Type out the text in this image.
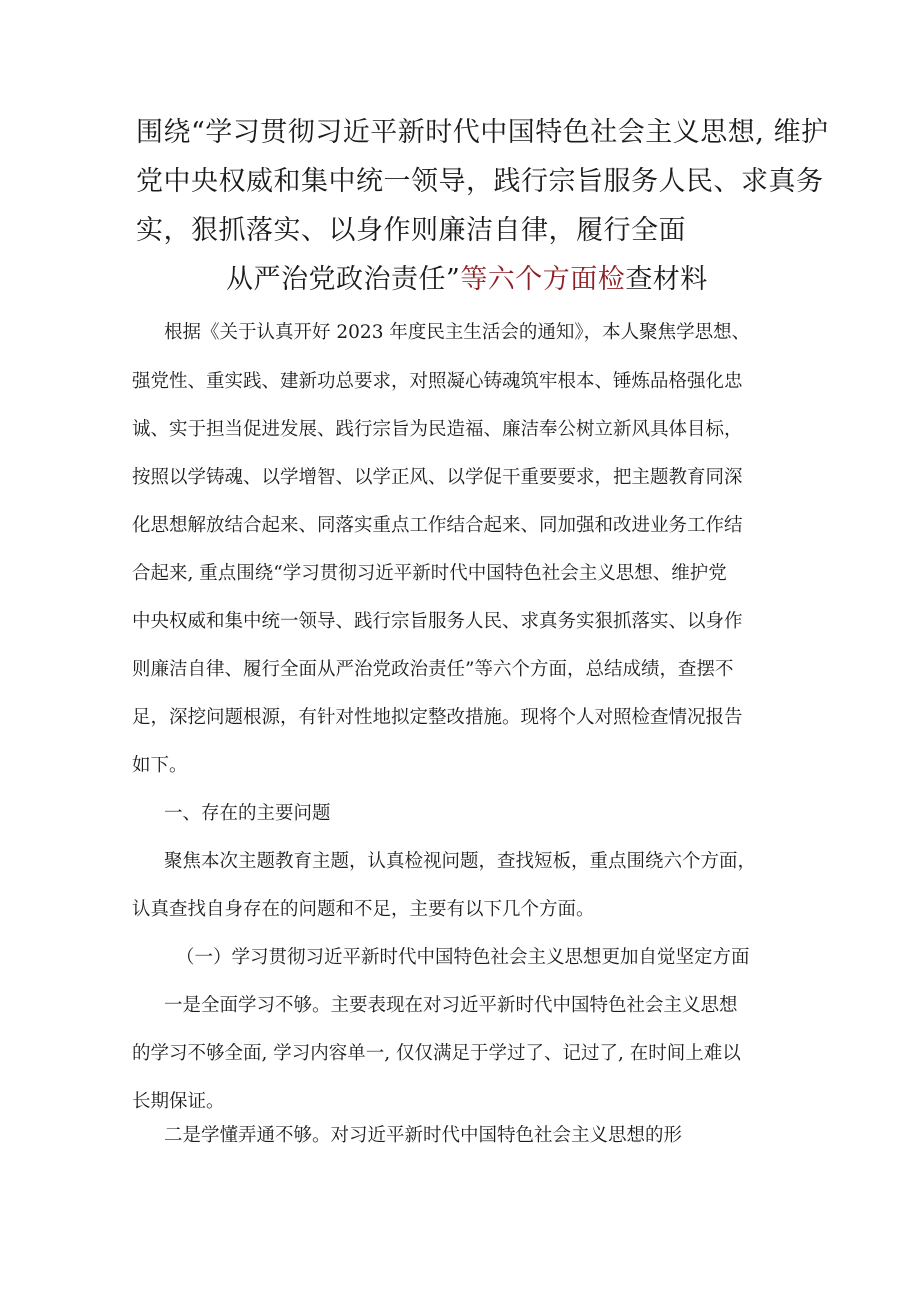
围绕“学习贯彻习近平新时代中国特色社会主义思想, 维护
党中央权威和集中统一领导，践行宗旨服务人民、求真务
实，狠抓落实、以身作则廉洁自律，履行全面
从严治党政治责任”等六个方面检查材料
根据《关于认真开好 2023 年度民主生活会的通知》，本人聚焦学思想、
强党性、重实践、建新功总要求，对照凝心铸魂筑牢根本、锤炼品格强化忠
诚、实于担当促进发展、践行宗旨为民造福、廉洁奉公树立新风具体目标，
按照以学铸魂、以学增智、以学正风、以学促干重要要求，把主题教育同深
化思想解放结合起来、同落实重点工作结合起来、同加强和改进业务工作结
合起来, 重点围绕“学习贯彻习近平新时代中国特色社会主义思想、维护党
中央权威和集中统一领导、践行宗旨服务人民、求真务实狠抓落实、以身作
则廉洁自律、履行全面从严治党政治责任”等六个方面，总结成绩，查摆不
足，深挖问题根源，有针对性地拟定整改措施。现将个人对照检查情况报告
如下。
一、存在的主要问题
聚焦本次主题教育主题，认真检视问题，查找短板，重点围绕六个方面，
认真查找自身存在的问题和不足，主要有以下几个方面。
（一）学习贯彻习近平新时代中国特色社会主义思想更加自觉坚定方面
一是全面学习不够。主要表现在对习近平新时代中国特色社会主义思想
的学习不够全面, 学习内容单一, 仅仅满足于学过了、记过了, 在时间上难以
长期保证。
二是学懂弄通不够。对习近平新时代中国特色社会主义思想的形
